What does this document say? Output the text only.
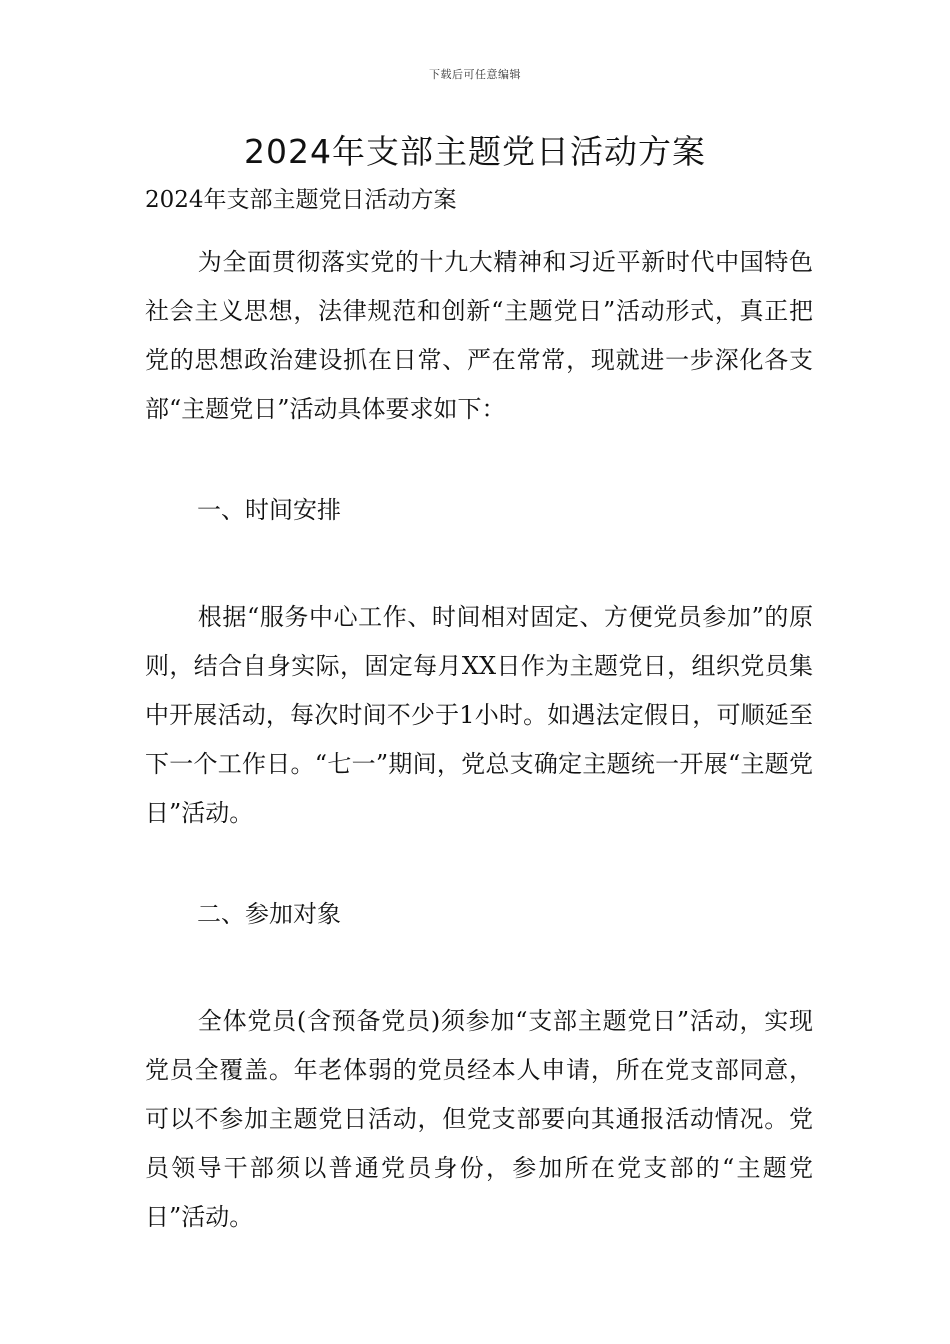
下载后可任意编辑
2024年支部主题党日活动方案

2024年支部主题党日活动方案

为全面贯彻落实党的十九大精神和习近平新时代中国特色社会主义思想，法律规范和创新“主题党日”活动形式，真正把党的思想政治建设抓在日常、严在常常，现就进一步深化各支部“主题党日”活动具体要求如下：

一、时间安排

根据“服务中心工作、时间相对固定、方便党员参加”的原则，结合自身实际，固定每月XX日作为主题党日，组织党员集中开展活动，每次时间不少于1小时。如遇法定假日，可顺延至下一个工作日。“七一”期间，党总支确定主题统一开展“主题党日”活动。

二、参加对象

全体党员(含预备党员)须参加“支部主题党日”活动，实现党员全覆盖。年老体弱的党员经本人申请，所在党支部同意，可以不参加主题党日活动，但党支部要向其通报活动情况。党员领导干部须以普通党员身份，参加所在党支部的“主题党日”活动。
